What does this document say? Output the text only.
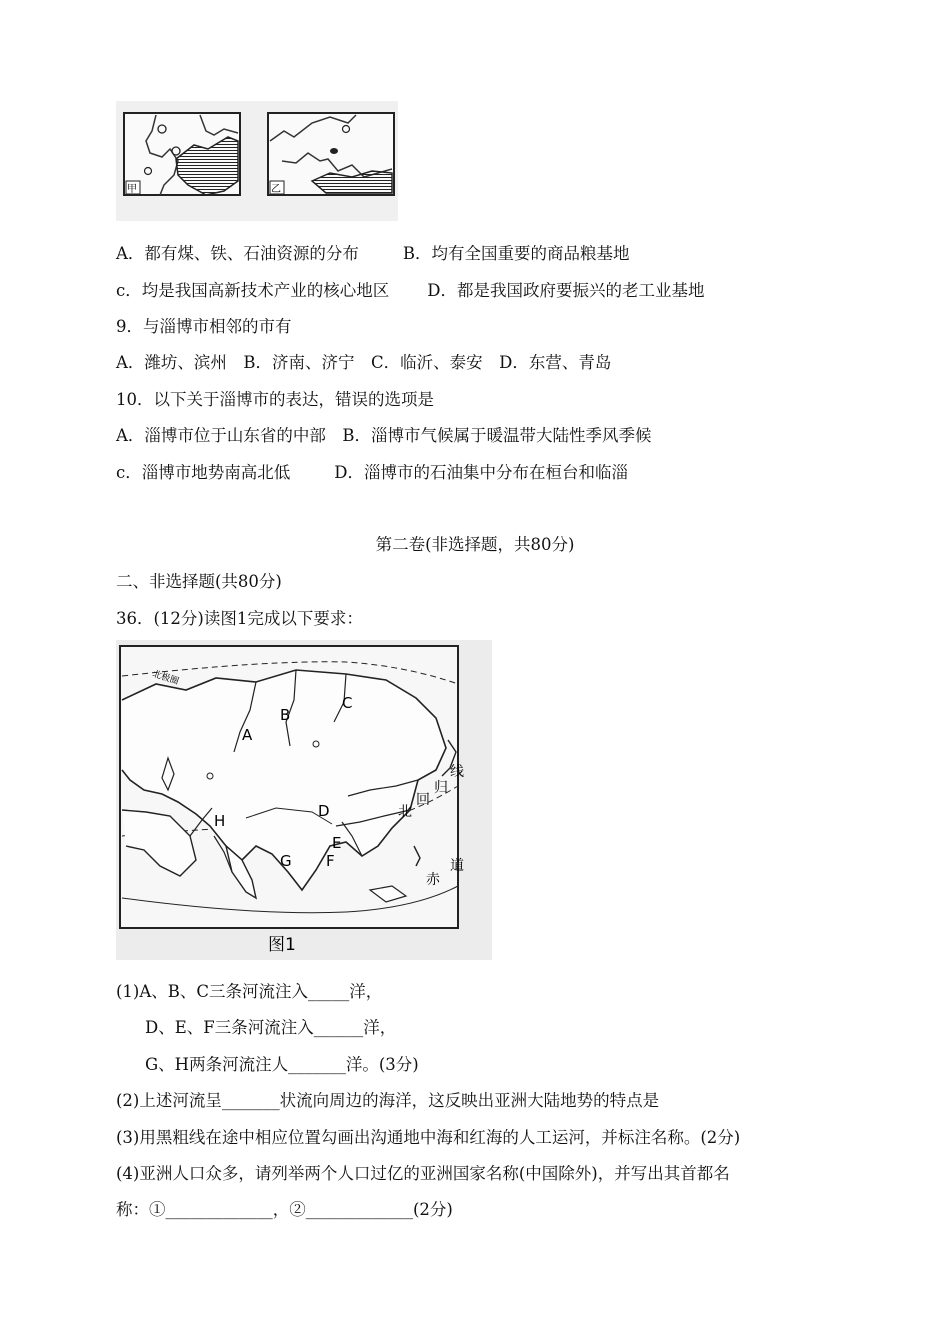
甲	乙
A．都有煤、铁、石油资源的分布	B．均有全国重要的商品粮基地
c．均是我国高新技术产业的核心地区 D．都是我国政府要振兴的老工业基地
9．与淄博市相邻的市有
A．潍坊、滨州　B．济南、济宁　C．临沂、泰安　D．东营、青岛
10．以下关于淄博市的表达，错误的选项是
A．淄博市位于山东省的中部　B．淄博市气候属于暖温带大陆性季风季候
c．淄博市地势南高北低	D．淄博市的石油集中分布在桓台和临淄
第二卷(非选择题，共80分)
二、非选择题(共80分)
36．(12分)读图1完成以下要求：
北极圈
北
回
归
线
赤
道
A
B
C
D
E
F
G
H
图1
(1)A、B、C三条河流注入_____洋，
D、E、F三条河流注入______洋，
G、H两条河流注人_______洋。(3分)
(2)上述河流呈_______状流向周边的海洋，这反映出亚洲大陆地势的特点是
(3)用黑粗线在途中相应位置勾画出沟通地中海和红海的人工运河，并标注名称。(2分)
(4)亚洲人口众多，请列举两个人口过亿的亚洲国家名称(中国除外)，并写出其首都名
称：①_____________，②_____________(2分)
